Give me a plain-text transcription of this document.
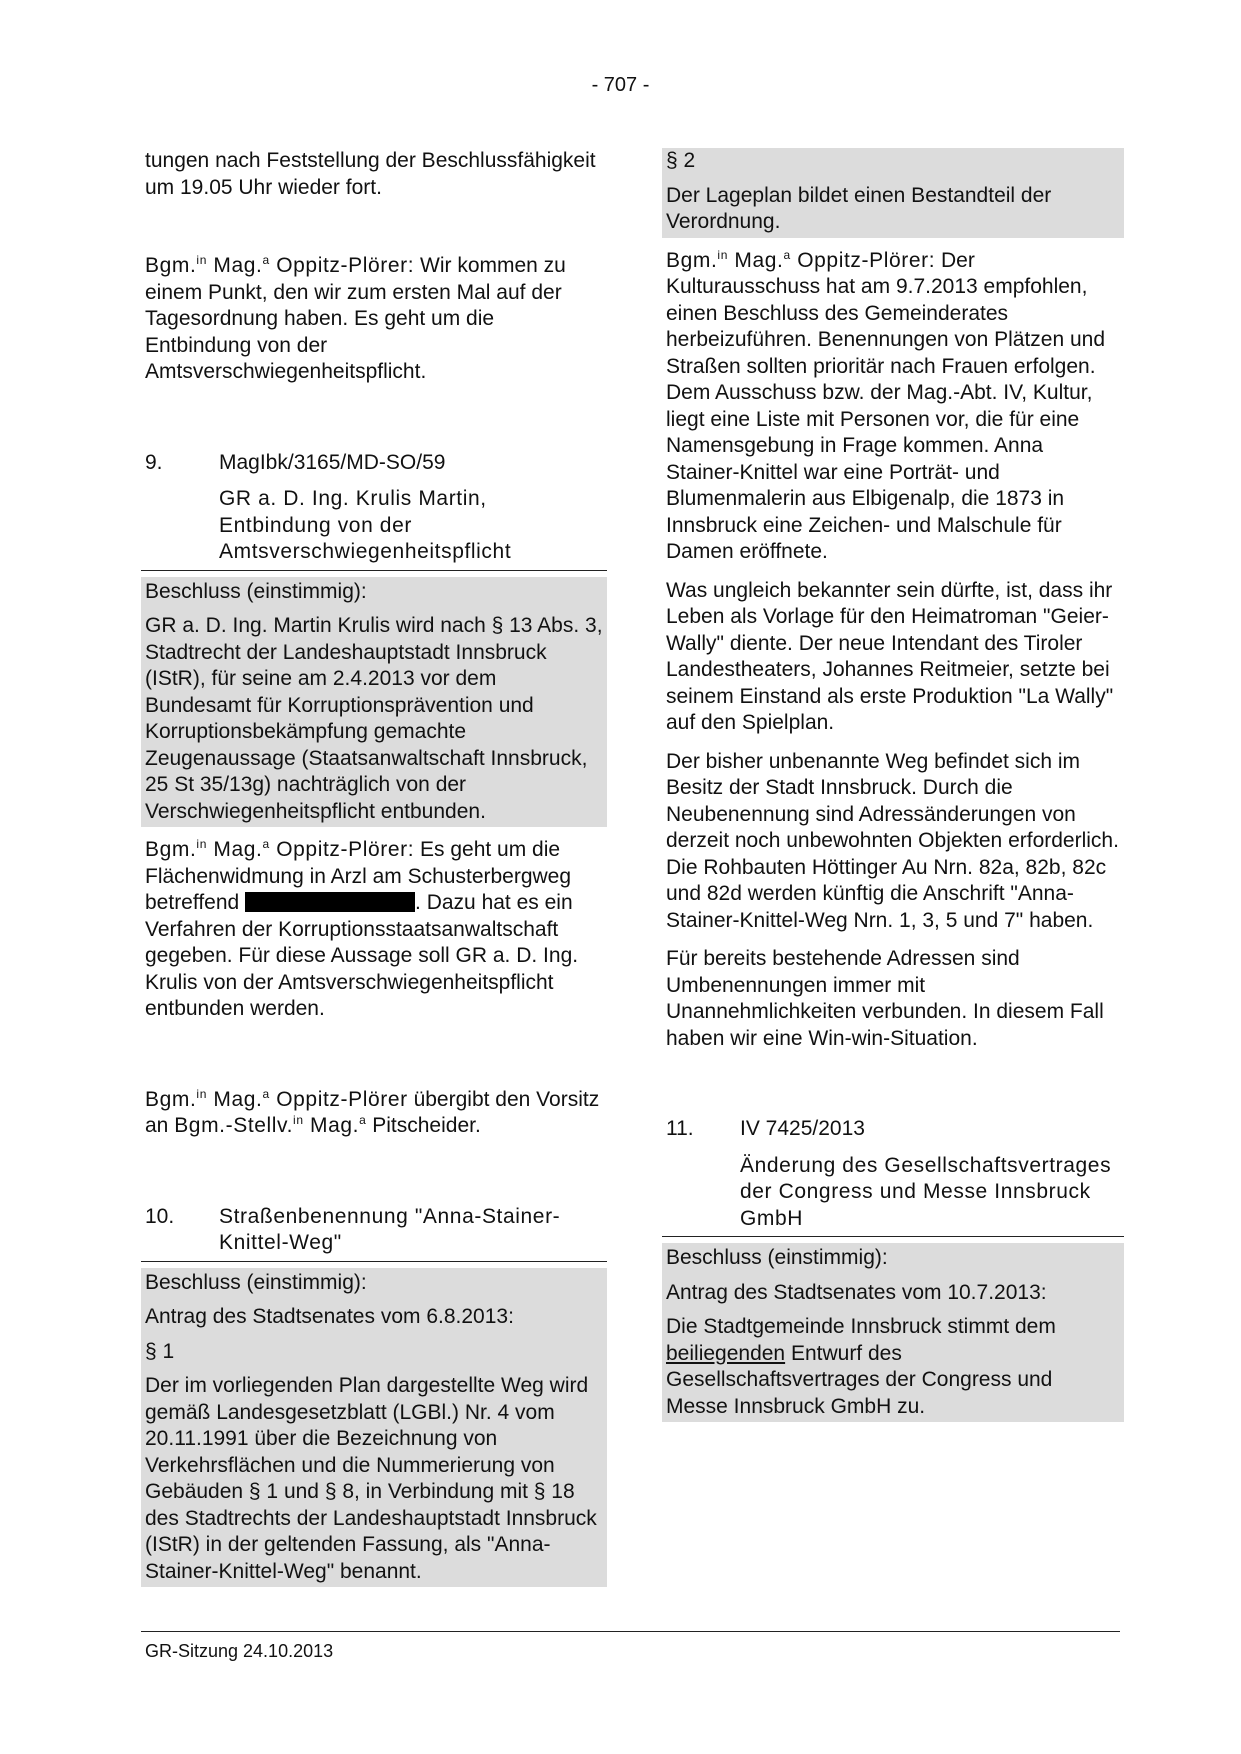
- 707 -

tungen nach Feststellung der Beschlussfähigkeit um 19.05 Uhr wieder fort.

Bgm.$^{in}$ Mag.$^a$ Oppitz-Plörer: Wir kommen zu einem Punkt, den wir zum ersten Mal auf der Tagesordnung haben. Es geht um die Entbindung von der Amtsverschwiegenheitspflicht.

9.	MagIbk/3165/MD-SO/59

GR a. D. Ing. Krulis Martin, Entbindung von der Amtsverschwiegenheitspflicht

Beschluss (einstimmig):

GR a. D. Ing. Martin Krulis wird nach § 13 Abs. 3, Stadtrecht der Landeshauptstadt Innsbruck (IStR), für seine am 2.4.2013 vor dem Bundesamt für Korruptionsprävention und Korruptionsbekämpfung gemachte Zeugenaussage (Staatsanwaltschaft Innsbruck, 25 St 35/13g) nachträglich von der Verschwiegenheitspflicht entbunden.

Bgm.$^{in}$ Mag.$^a$ Oppitz-Plörer: Es geht um die Flächenwidmung in Arzl am Schusterbergweg betreffend	. Dazu hat es ein Verfahren der Korruptionsstaatsanwaltschaft gegeben. Für diese Aussage soll GR a. D. Ing. Krulis von der Amtsverschwiegenheitspflicht entbunden werden.

Bgm.$^{in}$ Mag.$^a$ Oppitz-Plörer übergibt den Vorsitz an Bgm.-Stellv.$^{in}$ Mag.$^a$ Pitscheider.

10.	Straßenbenennung "Anna-Stainer-Knittel-Weg"

Beschluss (einstimmig):

Antrag des Stadtsenates vom 6.8.2013:

§ 1

Der im vorliegenden Plan dargestellte Weg wird gemäß Landesgesetzblatt (LGBl.) Nr. 4 vom 20.11.1991 über die Bezeichnung von Verkehrsflächen und die Nummerierung von Gebäuden § 1 und § 8, in Verbindung mit § 18 des Stadtrechts der Landeshauptstadt Innsbruck (IStR) in der geltenden Fassung, als "Anna-Stainer-Knittel-Weg" benannt.

§ 2

Der Lageplan bildet einen Bestandteil der Verordnung.

Bgm.$^{in}$ Mag.$^a$ Oppitz-Plörer: Der Kulturausschuss hat am 9.7.2013 empfohlen, einen Beschluss des Gemeinderates herbeizuführen. Benennungen von Plätzen und Straßen sollten prioritär nach Frauen erfolgen. Dem Ausschuss bzw. der Mag.-Abt. IV, Kultur, liegt eine Liste mit Personen vor, die für eine Namensgebung in Frage kommen. Anna Stainer-Knittel war eine Porträt- und Blumenmalerin aus Elbigenalp, die 1873 in Innsbruck eine Zeichen- und Malschule für Damen eröffnete.

Was ungleich bekannter sein dürfte, ist, dass ihr Leben als Vorlage für den Heimatroman "Geier-Wally" diente. Der neue Intendant des Tiroler Landestheaters, Johannes Reitmeier, setzte bei seinem Einstand als erste Produktion "La Wally" auf den Spielplan.

Der bisher unbenannte Weg befindet sich im Besitz der Stadt Innsbruck. Durch die Neubenennung sind Adressänderungen von derzeit noch unbewohnten Objekten erforderlich. Die Rohbauten Höttinger Au Nrn. 82a, 82b, 82c und 82d werden künftig die Anschrift "Anna-Stainer-Knittel-Weg Nrn. 1, 3, 5 und 7" haben.

Für bereits bestehende Adressen sind Umbenennungen immer mit Unannehmlichkeiten verbunden. In diesem Fall haben wir eine Win-win-Situation.

11.	IV 7425/2013

Änderung des Gesellschaftsvertrages der Congress und Messe Innsbruck GmbH

Beschluss (einstimmig):

Antrag des Stadtsenates vom 10.7.2013:

Die Stadtgemeinde Innsbruck stimmt dem beiliegenden Entwurf des Gesellschaftsvertrages der Congress und Messe Innsbruck GmbH zu.

GR-Sitzung 24.10.2013
